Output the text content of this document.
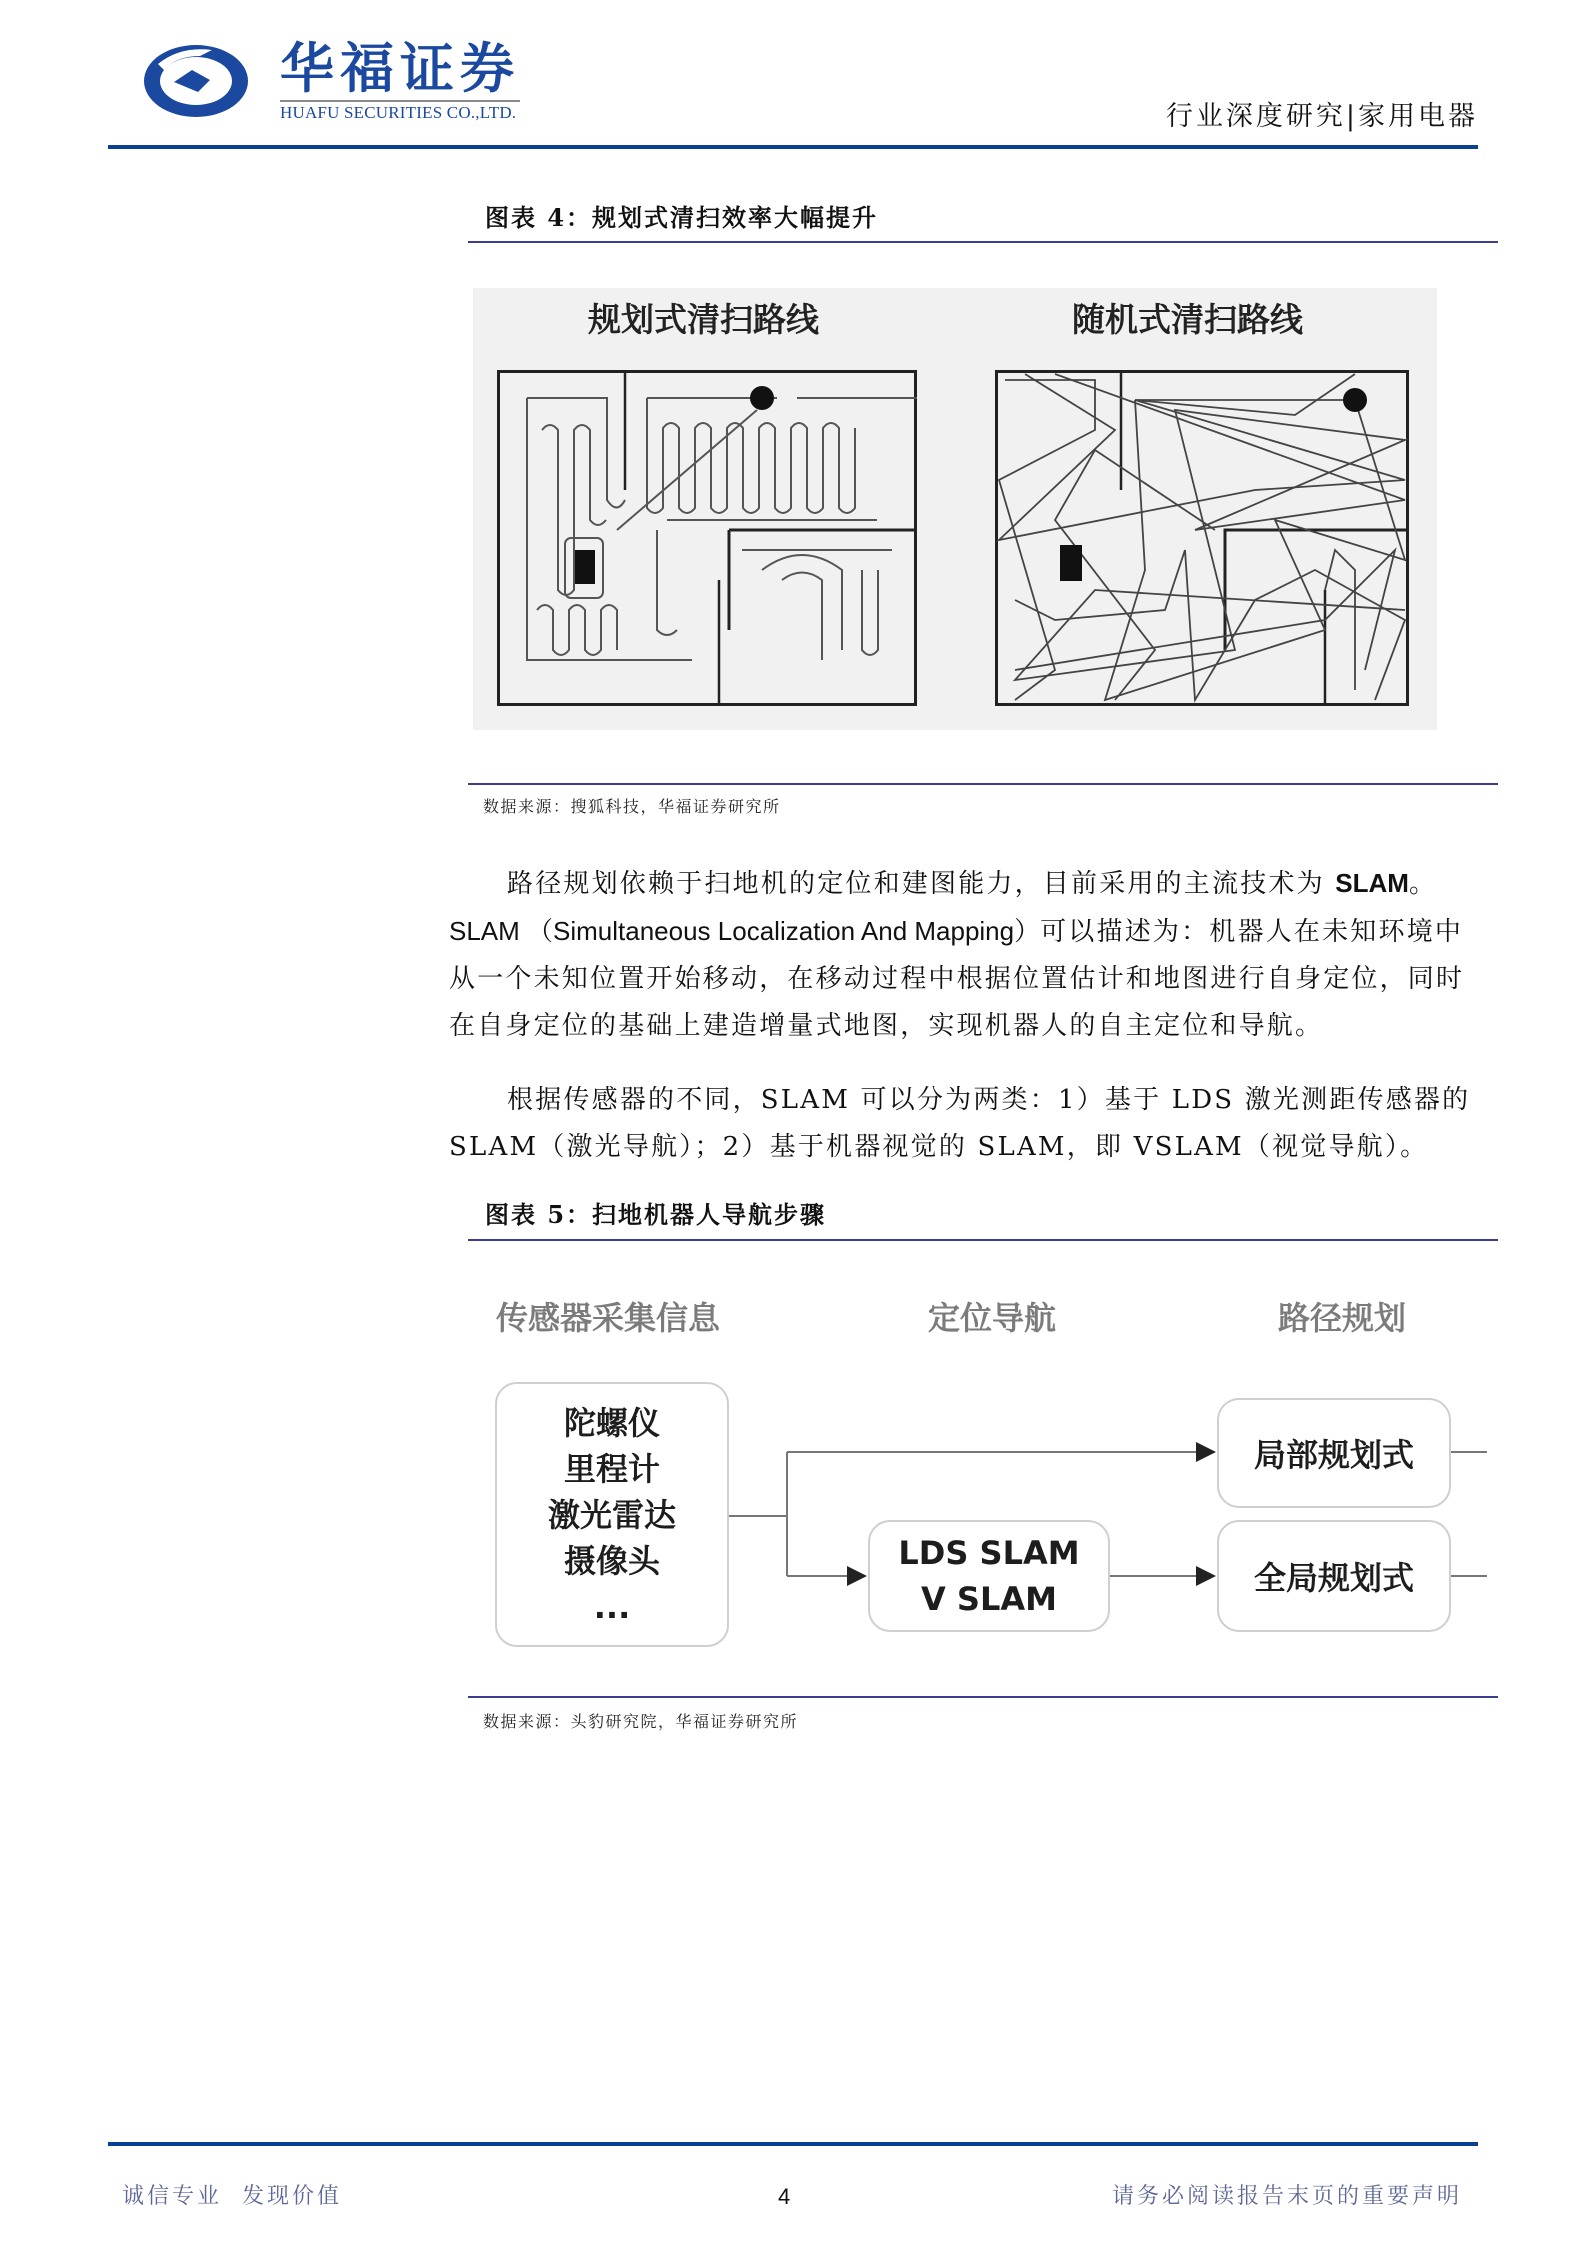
华福证券
HUAFU SECURITIES CO.,LTD.	行业深度研究|家用电器
图表 4：规划式清扫效率大幅提升
规划式清扫路线	随机式清扫路线
数据来源：搜狐科技，华福证券研究所
路径规划依赖于扫地机的定位和建图能力，目前采用的主流技术为 SLAM。
SLAM （Simultaneous Localization And Mapping）可以描述为：机器人在未知环境中从一个未知位置开始移动，在移动过程中根据位置估计和地图进行自身定位，同时在自身定位的基础上建造增量式地图，实现机器人的自主定位和导航。
根据传感器的不同，SLAM 可以分为两类：1）基于 LDS 激光测距传感器的
SLAM（激光导航）；2）基于机器视觉的 SLAM，即 VSLAM（视觉导航）。
图表 5：扫地机器人导航步骤
传感器采集信息	定位导航	路径规划
陀螺仪
里程计
激光雷达
摄像头
...
LDS SLAM
V SLAM
局部规划式
全局规划式
数据来源：头豹研究院，华福证券研究所
诚信专业  发现价值	4	请务必阅读报告末页的重要声明
